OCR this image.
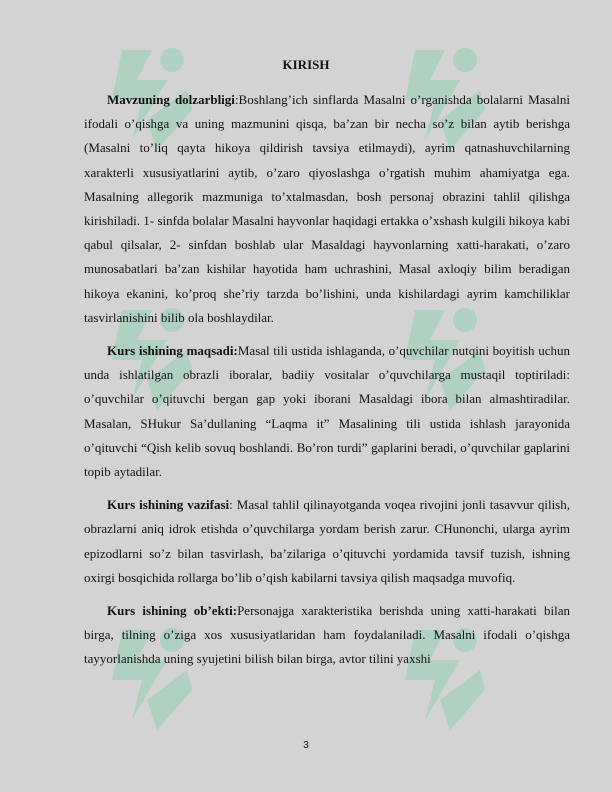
KIRISH

Mavzuning dolzarbligi:Boshlang’ich sinflarda Masalni o’rganishda bolalarni Masalni ifodali o’qishga va uning mazmunini qisqa, ba’zan bir necha so’z bilan aytib berishga (Masalni to’liq qayta hikoya qildirish tavsiya etilmaydi), ayrim qatnashuvchilarning xarakterli xususiyatlarini aytib, o’zaro qiyoslashga o’rgatish muhim ahamiyatga ega. Masalning allegorik mazmuniga to’xtalmasdan, bosh personaj obrazini tahlil qilishga kirishiladi. 1- sinfda bolalar Masalni hayvonlar haqidagi ertakka o’xshash kulgili hikoya kabi qabul qilsalar, 2- sinfdan boshlab ular Masaldagi hayvonlarning xatti-harakati, o’zaro munosabatlari ba’zan kishilar hayotida ham uchrashini, Masal axloqiy bilim beradigan hikoya ekanini, ko’proq she’riy tarzda bo’lishini, unda kishilardagi ayrim kamchiliklar tasvirlanishini bilib ola boshlaydilar.

Kurs ishining maqsadi:Masal tili ustida ishlaganda, o’quvchilar nutqini boyitish uchun unda ishlatilgan obrazli iboralar, badiiy vositalar o’quvchilarga mustaqil toptiriladi: o’quvchilar o’qituvchi bergan gap yoki iborani Masaldagi ibora bilan almashtiradilar. Masalan, SHukur Sa’dullaning “Laqma it” Masalining tili ustida ishlash jarayonida o’qituvchi “Qish kelib sovuq boshlandi. Bo’ron turdi” gaplarini beradi, o’quvchilar gaplarini topib aytadilar.

Kurs ishining vazifasi: Masal tahlil qilinayotganda voqea rivojini jonli tasavvur qilish, obrazlarni aniq idrok etishda o’quvchilarga yordam berish zarur. CHunonchi, ularga ayrim epizodlarni so’z bilan tasvirlash, ba’zilariga o’qituvchi yordamida tavsif tuzish, ishning oxirgi bosqichida rollarga bo’lib o’qish kabilarni tavsiya qilish maqsadga muvofiq.

Kurs ishining ob’ekti:Personajga xarakteristika berishda uning xatti-harakati bilan birga, tilning o’ziga xos xususiyatlaridan ham foydalaniladi. Masalni ifodali o’qishga tayyorlanishda uning syujetini bilish bilan birga, avtor tilini yaxshi

3
